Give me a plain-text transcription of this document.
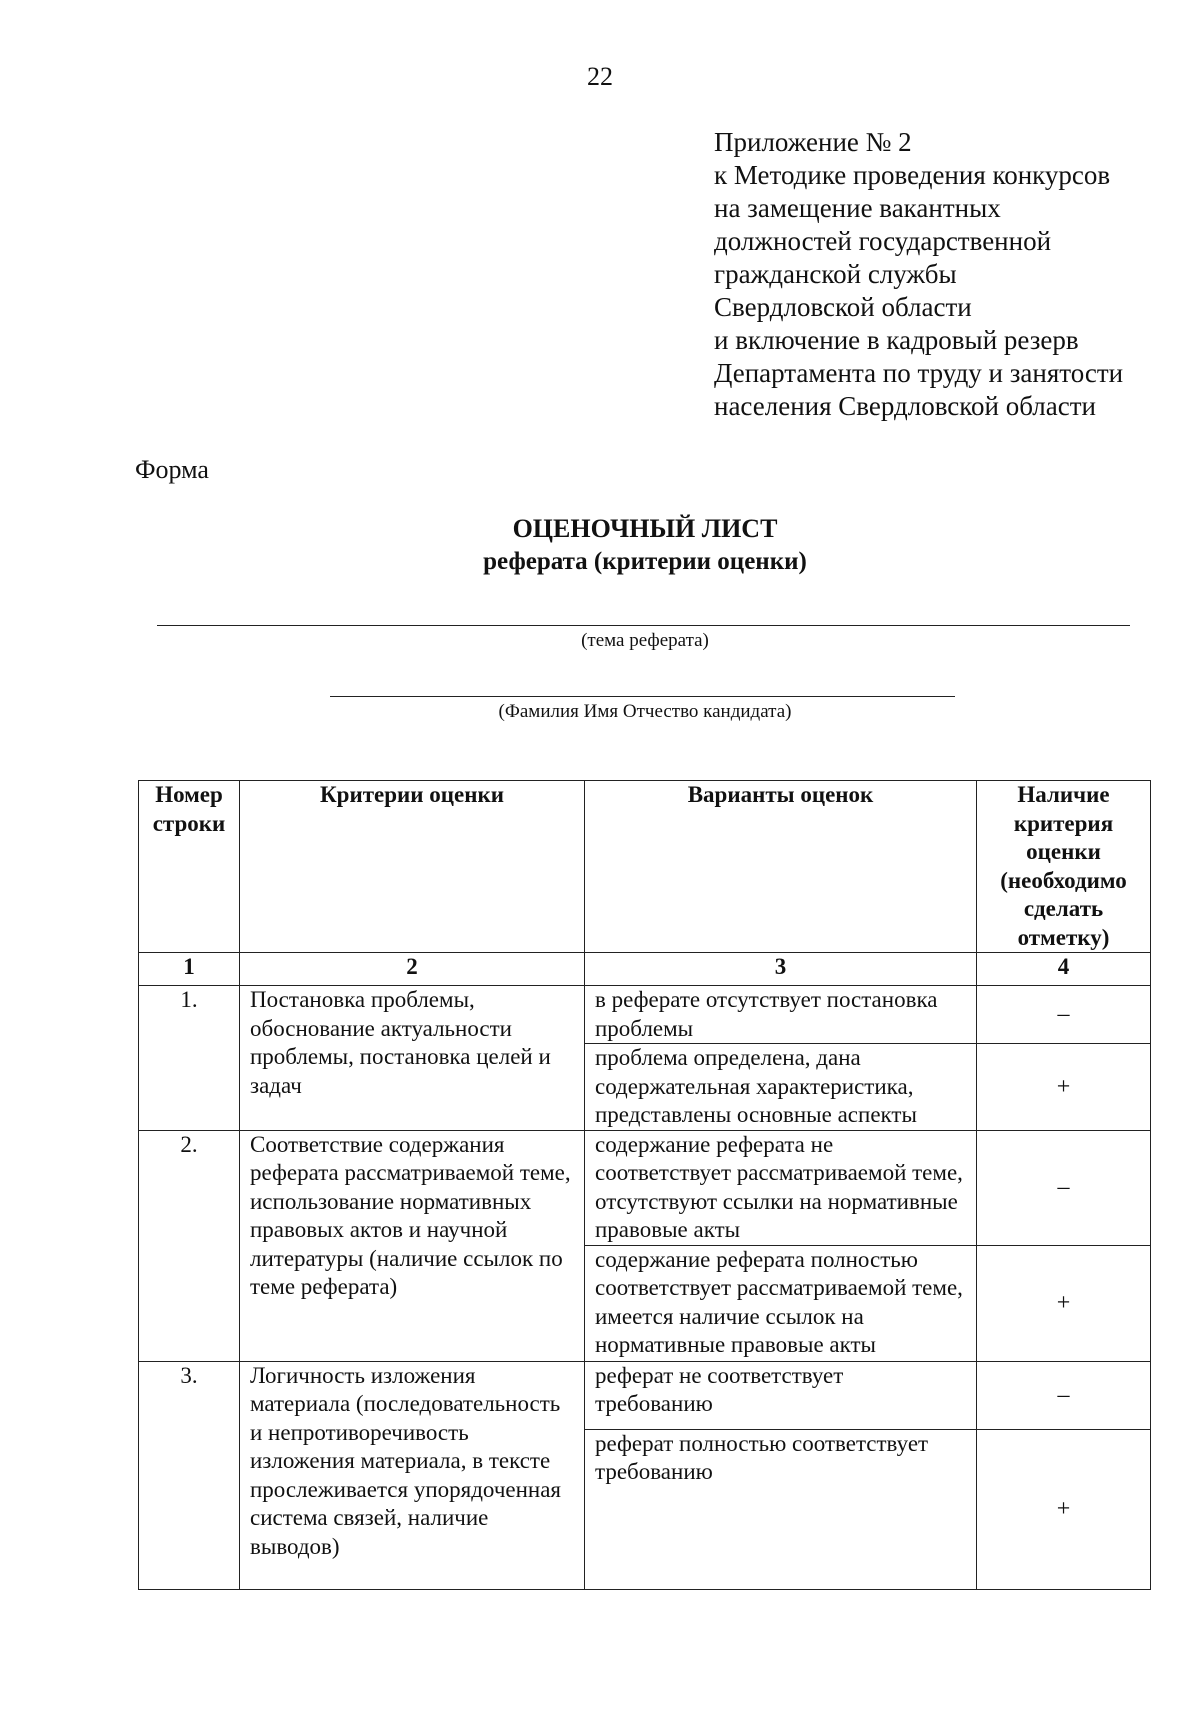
22
Приложение № 2
к Методике проведения конкурсов
на замещение вакантных
должностей государственной
гражданской службы
Свердловской области
и включение в кадровый резерв
Департамента по труду и занятости
населения Свердловской области
Форма
ОЦЕНОЧНЫЙ ЛИСТ
реферата (критерии оценки)
(тема реферата)
(Фамилия Имя Отчество кандидата)
Номер строки	Критерии оценки	Варианты оценок	Наличие критерия оценки (необходимо сделать отметку)
1	2	3	4
1.	Постановка проблемы, обоснование актуальности проблемы, постановка целей и задач	в реферате отсутствует постановка проблемы	–
		проблема определена, дана содержательная характеристика, представлены основные аспекты	+
2.	Соответствие содержания реферата рассматриваемой теме, использование нормативных правовых актов и научной литературы (наличие ссылок по теме реферата)	содержание реферата не соответствует рассматриваемой теме, отсутствуют ссылки на нормативные правовые акты	–
		содержание реферата полностью соответствует рассматриваемой теме, имеется наличие ссылок на нормативные правовые акты	+
3.	Логичность изложения материала (последовательность и непротиворечивость изложения материала, в тексте прослеживается упорядоченная система связей, наличие выводов)	реферат не соответствует требованию	–
		реферат полностью соответствует требованию	+
